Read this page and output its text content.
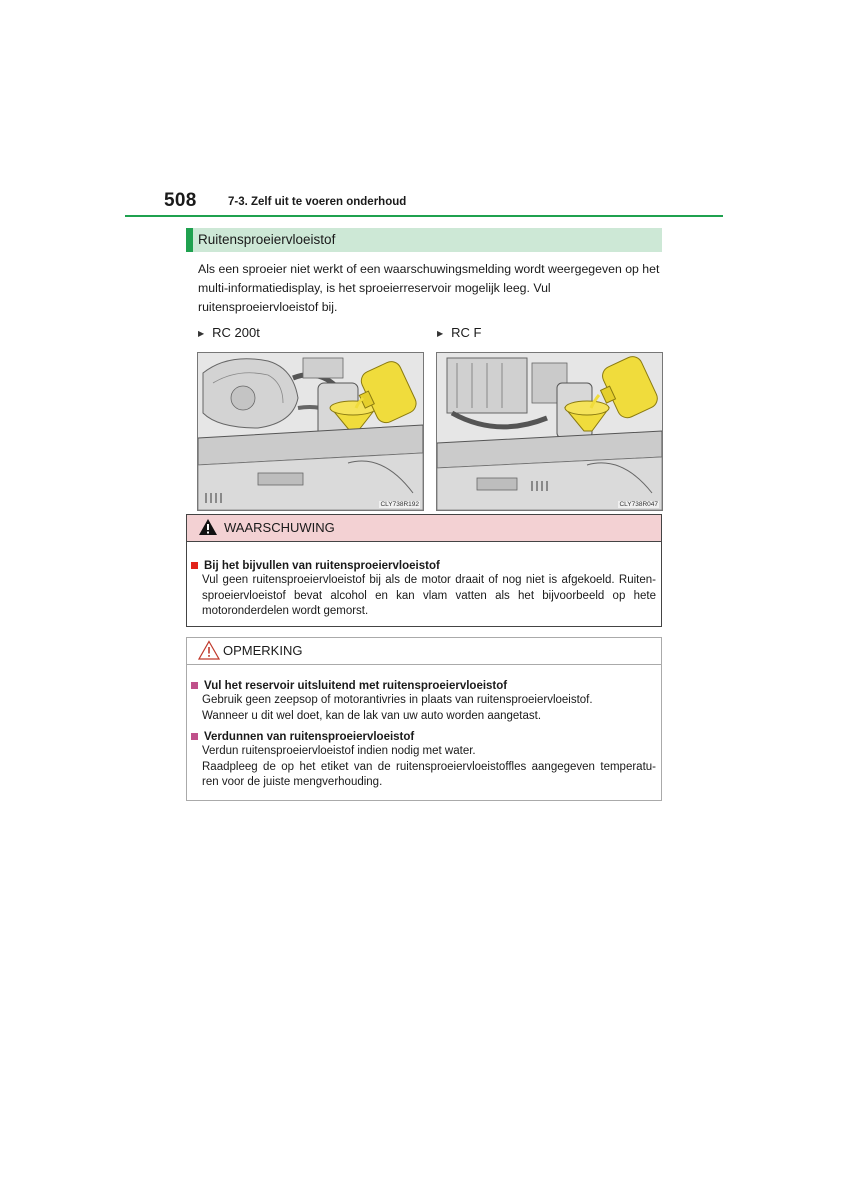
508	7-3. Zelf uit te voeren onderhoud
Ruitensproeiervloeistof

Als een sproeier niet werkt of een waarschuwingsmelding wordt weergegeven op het multi-informatiedisplay, is het sproeierreservoir mogelijk leeg. Vul ruitensproeiervloeistof bij.

▶ RC 200t	▶ RC F
CLY738R192	CLY738R047
WAARSCHUWING
Bij het bijvullen van ruitensproeiervloeistof

Vul geen ruitensproeiervloeistof bij als de motor draait of nog niet is afgekoeld. Ruiten-

sproeiervloeistof bevat alcohol en kan vlam vatten als het bijvoorbeeld op hete

motoronderdelen wordt gemorst.

OPMERKING
Vul het reservoir uitsluitend met ruitensproeiervloeistof

Gebruik geen zeepsop of motorantivries in plaats van ruitensproeiervloeistof.

Wanneer u dit wel doet, kan de lak van uw auto worden aangetast.

Verdunnen van ruitensproeiervloeistof

Verdun ruitensproeiervloeistof indien nodig met water.

Raadpleeg de op het etiket van de ruitensproeiervloeistoffles aangegeven temperatu-

ren voor de juiste mengverhouding.
